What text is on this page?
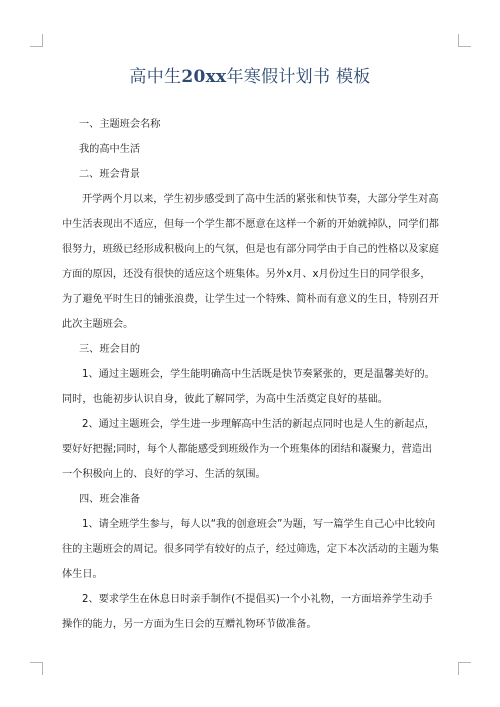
高中生20xx年寒假计划书 模板

一、主题班会名称

我的高中生活

二、班会背景

开学两个月以来，学生初步感受到了高中生活的紧张和快节奏，大部分学生对高中生活表现出不适应，但每一个学生都不愿意在这样一个新的开始就掉队，同学们都很努力，班级已经形成积极向上的气氛，但是也有部分同学由于自己的性格以及家庭方面的原因，还没有很快的适应这个班集体。另外x月、x月份过生日的同学很多，为了避免平时生日的铺张浪费，让学生过一个特殊、简朴而有意义的生日，特别召开此次主题班会。

三、班会目的

1、通过主题班会，学生能明确高中生活既是快节奏紧张的，更是温馨美好的。同时，也能初步认识自身，彼此了解同学，为高中生活奠定良好的基础。

2、通过主题班会，学生进一步理解高中生活的新起点同时也是人生的新起点，要好好把握;同时，每个人都能感受到班级作为一个班集体的团结和凝聚力，营造出一个积极向上的、良好的学习、生活的氛围。

四、班会准备

1、请全班学生参与，每人以“我的创意班会”为题，写一篇学生自己心中比较向往的主题班会的周记。很多同学有较好的点子，经过筛选，定下本次活动的主题为集体生日。

2、要求学生在休息日时亲手制作(不提倡买)一个小礼物，一方面培养学生动手操作的能力，另一方面为生日会的互赠礼物环节做准备。
